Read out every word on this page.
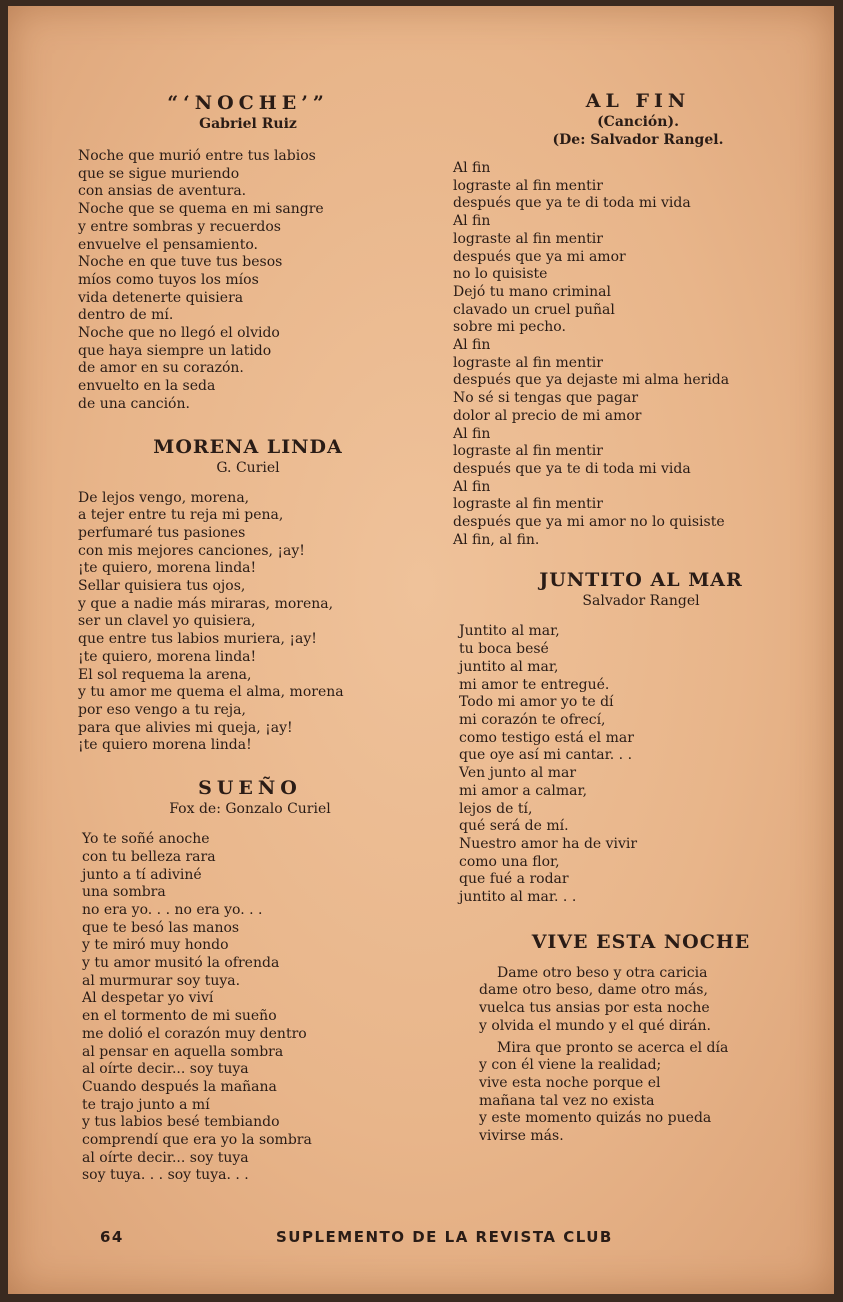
“‘NOCHE’”
Gabriel Ruiz
Noche que murió entre tus labios
que se sigue muriendo
con ansias de aventura.
Noche que se quema en mi sangre
y entre sombras y recuerdos
envuelve el pensamiento.
Noche en que tuve tus besos
míos como tuyos los míos
vida detenerte quisiera
dentro de mí.
Noche que no llegó el olvido
que haya siempre un latido
de amor en su corazón.
envuelto en la seda
de una canción.
MORENA LINDA
G. Curiel
De lejos vengo, morena,
a tejer entre tu reja mi pena,
perfumaré tus pasiones
con mis mejores canciones, ¡ay!
¡te quiero, morena linda!
Sellar quisiera tus ojos,
y que a nadie más miraras, morena,
ser un clavel yo quisiera,
que entre tus labios muriera, ¡ay!
¡te quiero, morena linda!
El sol requema la arena,
y tu amor me quema el alma, morena
por eso vengo a tu reja,
para que alivies mi queja, ¡ay!
¡te quiero morena linda!
SUEÑO
Fox de: Gonzalo Curiel
Yo te soñé anoche
con tu belleza rara
junto a tí adiviné
una sombra
no era yo. . . no era yo. . .
que te besó las manos
y te miró muy hondo
y tu amor musitó la ofrenda
al murmurar soy tuya.
Al despetar yo viví
en el tormento de mi sueño
me dolió el corazón muy dentro
al pensar en aquella sombra
al oírte decir... soy tuya
Cuando después la mañana
te trajo junto a mí
y tus labios besé tembiando
comprendí que era yo la sombra
al oírte decir... soy tuya
soy tuya. . . soy tuya. . .
AL FIN
(Canción).
(De: Salvador Rangel.
Al fin
lograste al fin mentir
después que ya te di toda mi vida
Al fin
lograste al fin mentir
después que ya mi amor
no lo quisiste
Dejó tu mano criminal
clavado un cruel puñal
sobre mi pecho.
Al fin
lograste al fin mentir
después que ya dejaste mi alma herida
No sé si tengas que pagar
dolor al precio de mi amor
Al fin
lograste al fin mentir
después que ya te di toda mi vida
Al fin
lograste al fin mentir
después que ya mi amor no lo quisiste
Al fin, al fin.
JUNTITO AL MAR
Salvador Rangel
Juntito al mar,
tu boca besé
juntito al mar,
mi amor te entregué.
Todo mi amor yo te dí
mi corazón te ofrecí,
como testigo está el mar
que oye así mi cantar. . .
Ven junto al mar
mi amor a calmar,
lejos de tí,
qué será de mí.
Nuestro amor ha de vivir
como una flor,
que fué a rodar
juntito al mar. . .
VIVE ESTA NOCHE
Dame otro beso y otra caricia
dame otro beso, dame otro más,
vuelca tus ansias por esta noche
y olvida el mundo y el qué dirán.
Mira que pronto se acerca el día
y con él viene la realidad;
vive esta noche porque el
mañana tal vez no exista
y este momento quizás no pueda
vivirse más.
64	SUPLEMENTO DE LA REVISTA CLUB
